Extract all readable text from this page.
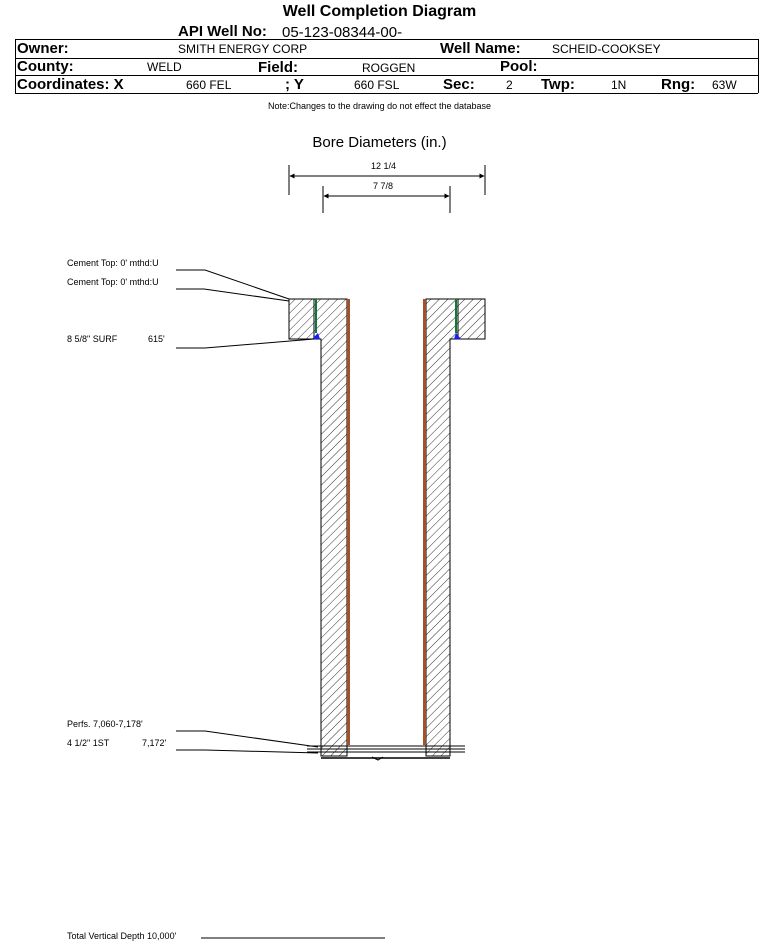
Well Completion Diagram
API Well No: 05-123-08344-00-
Owner:	SMITH ENERGY CORP	Well Name:	SCHEID-COOKSEY
County:	WELD	Field:	ROGGEN	Pool:
Coordinates: X	660 FEL	; Y	660 FSL	Sec:	2 Twp:	1N Rng: 63W
Note:Changes to the drawing do not effect the database
Bore Diameters (in.)
12 1/4
7 7/8
Cement Top: 0' mthd:U
Cement Top: 0' mthd:U
8 5/8" SURF	615'
Perfs. 7,060-7,178'
4 1/2" 1ST	7,172'
Total Vertical Depth 10,000'
